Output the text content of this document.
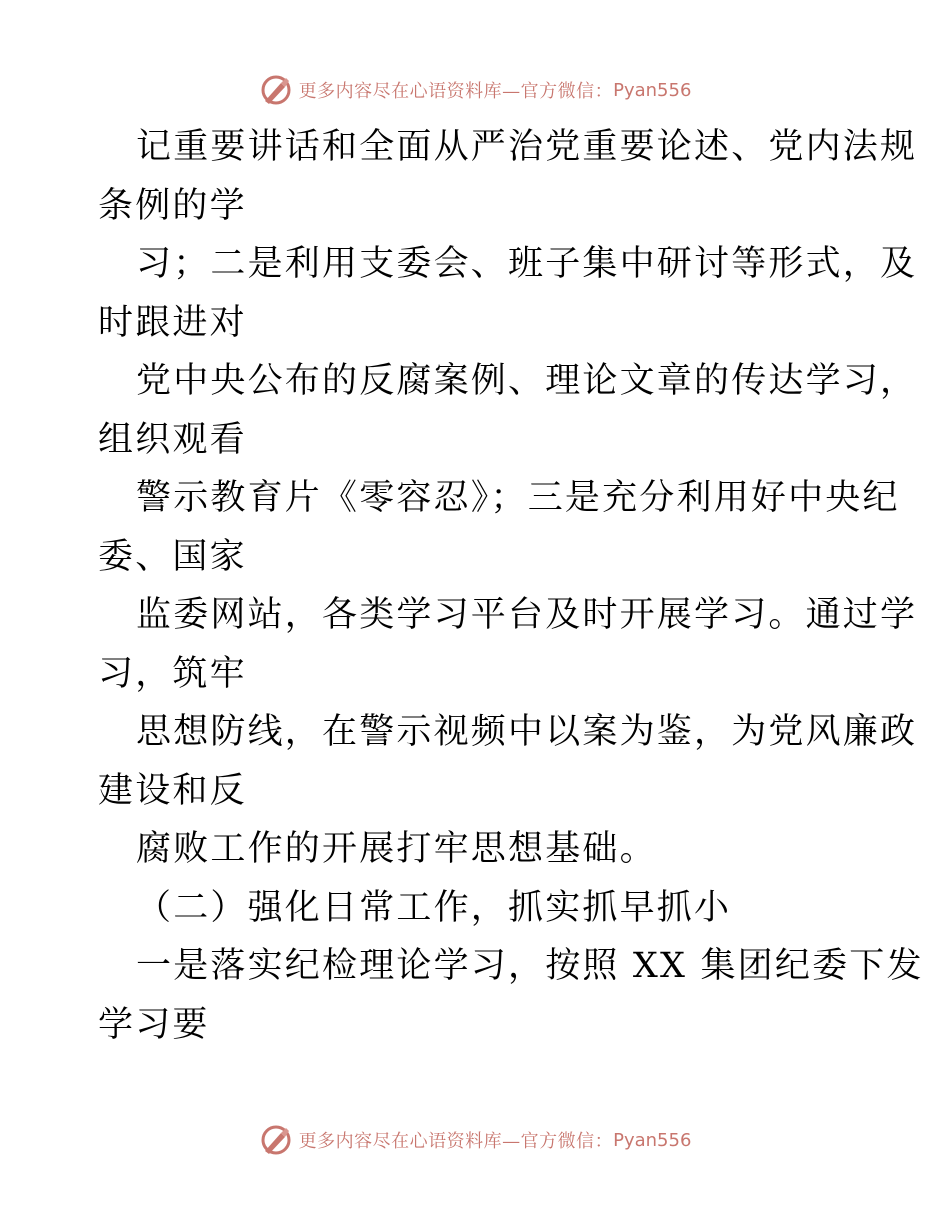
更多内容尽在心语资料库—官方微信： Pyan556
记重要讲话和全面从严治党重要论述、党内法规
条例的学
习；二是利用支委会、班子集中研讨等形式，及
时跟进对
党中央公布的反腐案例、理论文章的传达学习，
组织观看
警示教育片《零容忍》；三是充分利用好中央纪
委、国家
监委网站，各类学习平台及时开展学习。通过学
习，筑牢
思想防线，在警示视频中以案为鉴，为党风廉政
建设和反
腐败工作的开展打牢思想基础。
（二）强化日常工作，抓实抓早抓小
一是落实纪检理论学习，按照 XX 集团纪委下发
学习要
更多内容尽在心语资料库—官方微信： Pyan556
